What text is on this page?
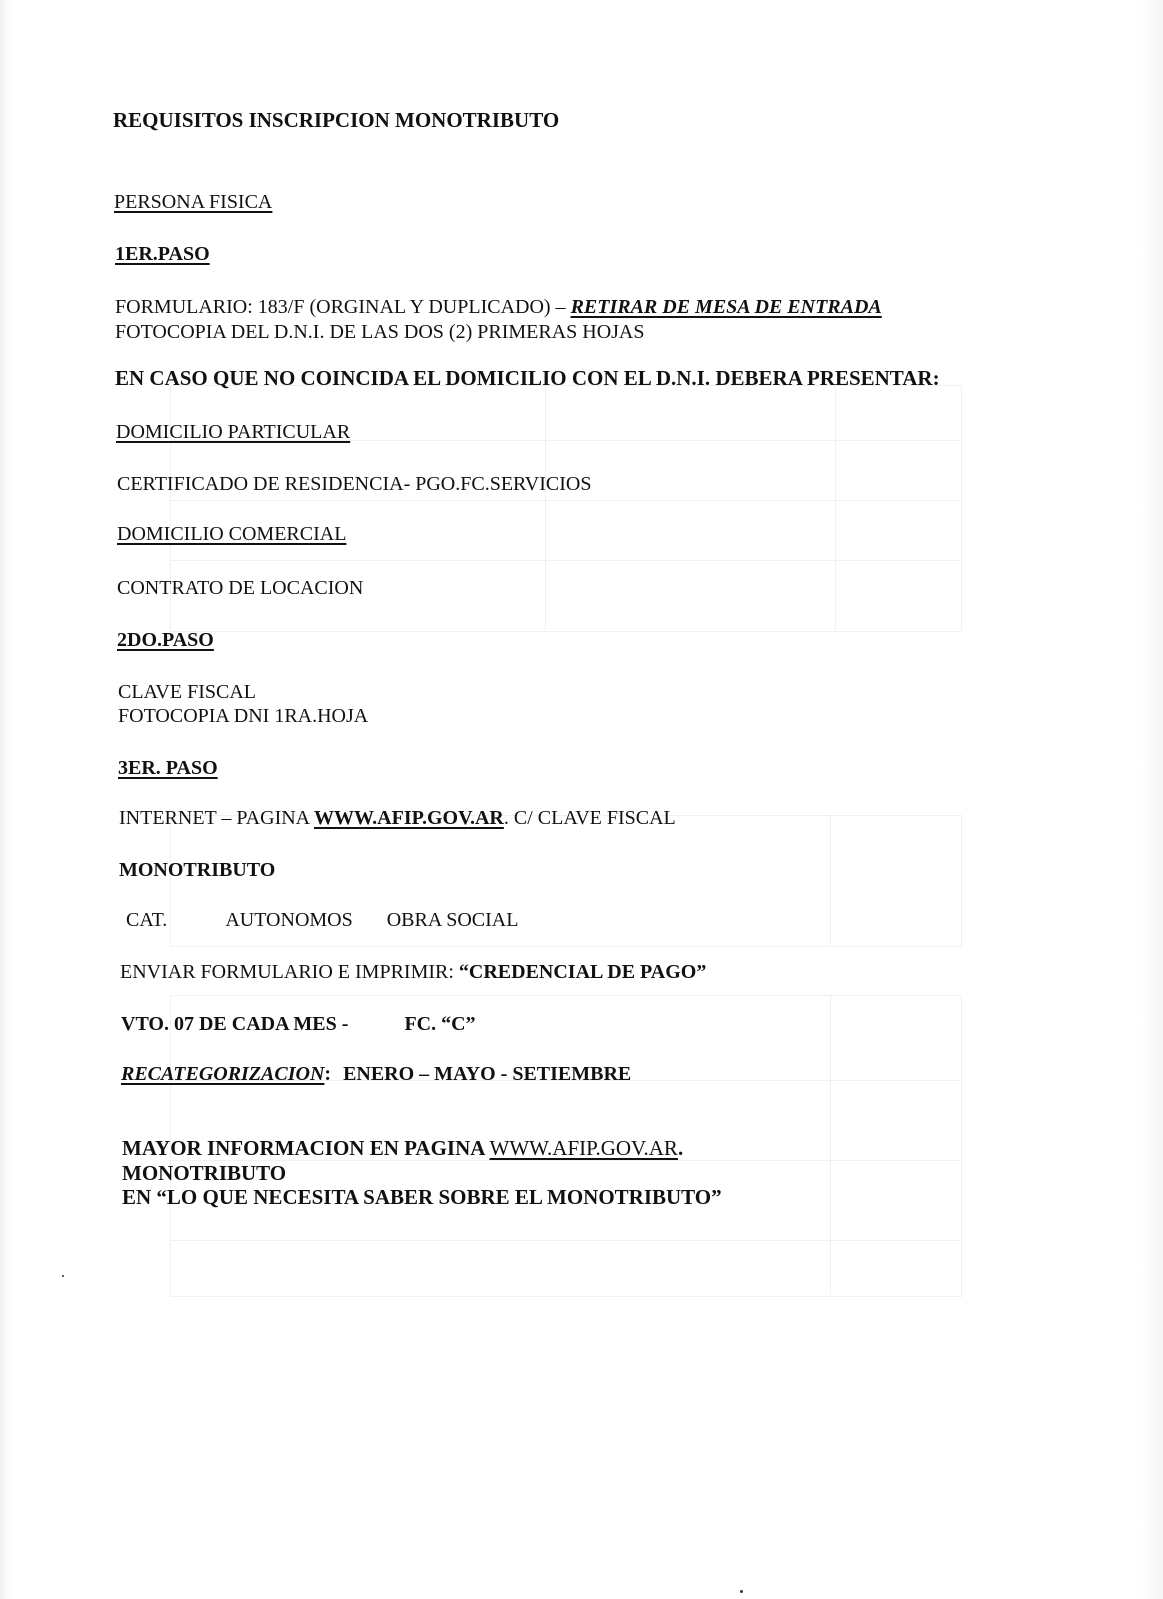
REQUISITOS INSCRIPCION MONOTRIBUTO
PERSONA FISICA
1ER.PASO
FORMULARIO: 183/F (ORGINAL Y DUPLICADO) – RETIRAR DE MESA DE ENTRADA
FOTOCOPIA DEL D.N.I. DE LAS DOS (2) PRIMERAS HOJAS
EN CASO QUE NO COINCIDA EL DOMICILIO CON EL D.N.I. DEBERA PRESENTAR:
DOMICILIO PARTICULAR
CERTIFICADO DE RESIDENCIA- PGO.FC.SERVICIOS
DOMICILIO COMERCIAL
CONTRATO DE LOCACION
2DO.PASO
CLAVE FISCAL
FOTOCOPIA DNI 1RA.HOJA
3ER. PASO
INTERNET – PAGINA WWW.AFIP.GOV.AR. C/ CLAVE FISCAL
MONOTRIBUTO
CAT.	AUTONOMOS OBRA SOCIAL
ENVIAR FORMULARIO E IMPRIMIR: “CREDENCIAL DE PAGO”
VTO. 07 DE CADA MES -	FC. “C”
RECATEGORIZACION: ENERO – MAYO - SETIEMBRE
MAYOR INFORMACION EN PAGINA WWW.AFIP.GOV.AR.
MONOTRIBUTO
EN “LO QUE NECESITA SABER SOBRE EL MONOTRIBUTO”
